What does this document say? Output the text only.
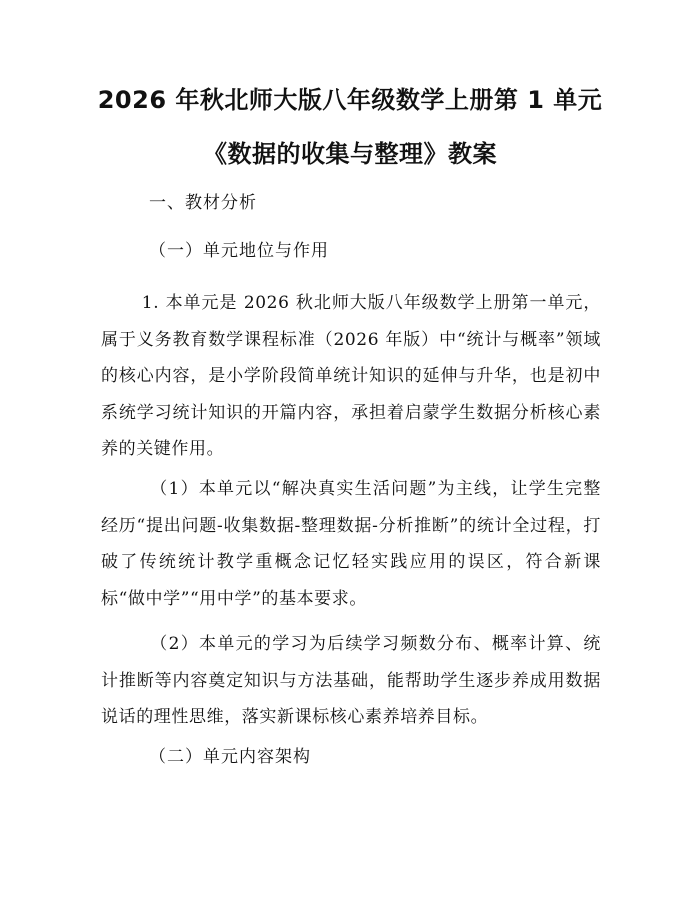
2026 年秋北师大版八年级数学上册第 1 单元
《数据的收集与整理》教案
一、教材分析
（一）单元地位与作用

1. 本单元是 2026 秋北师大版八年级数学上册第一单元，属于义务教育数学课程标准（2026 年版）中“统计与概率”领域的核心内容，是小学阶段简单统计知识的延伸与升华，也是初中系统学习统计知识的开篇内容，承担着启蒙学生数据分析核心素养的关键作用。

（1）本单元以“解决真实生活问题”为主线，让学生完整经历“提出问题-收集数据-整理数据-分析推断”的统计全过程，打破了传统统计教学重概念记忆轻实践应用的误区，符合新课标“做中学”“用中学”的基本要求。

（2）本单元的学习为后续学习频数分布、概率计算、统计推断等内容奠定知识与方法基础，能帮助学生逐步养成用数据说话的理性思维，落实新课标核心素养培养目标。

（二）单元内容架构
